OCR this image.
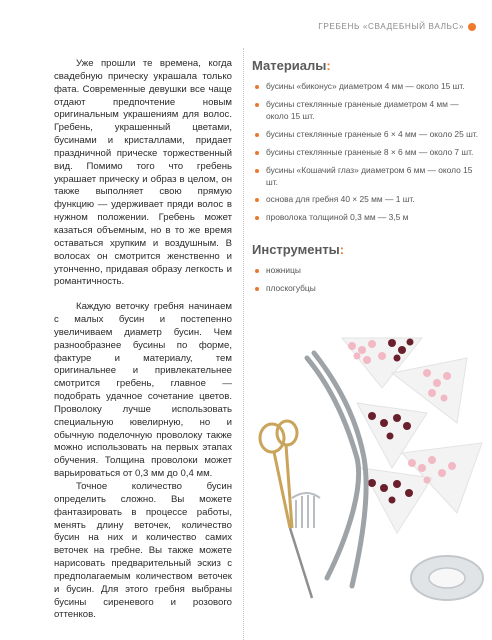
ГРЕБЕНЬ «СВАДЕБНЫЙ ВАЛЬС»

Уже прошли те времена, когда свадебную прическу украшала только фата. Современные девушки все чаще отдают предпочтение новым оригинальным украшениям для волос. Гребень, украшенный цветами, бусинами и кристаллами, придает праздничной прическе торжественный вид. Помимо того что гребень украшает прическу и образ в целом, он также выполняет свою прямую функцию — удерживает пряди волос в нужном положении. Гребень может казаться объемным, но в то же время оставаться хрупким и воздушным. В волосах он смотрится женственно и утонченно, придавая образу легкость и романтичность.

Каждую веточку гребня начинаем с малых бусин и постепенно увеличиваем диаметр бусин. Чем разнообразнее бусины по форме, фактуре и материалу, тем оригинальнее и привлекательнее смотрится гребень, главное — подобрать удачное сочетание цветов. Проволоку лучше использовать специальную ювелирную, но и обычную поделочную проволоку также можно использовать на первых этапах обучения. Толщина проволоки может варьироваться от 0,3 мм до 0,4 мм.

Точное количество бусин определить сложно. Вы можете фантазировать в процессе работы, менять длину веточек, количество бусин на них и количество самих веточек на гребне. Вы также можете нарисовать предварительный эскиз с предполагаемым количеством веточек и бусин. Для этого гребня выбраны бусины сиреневого и розового оттенков.

Материалы:
бусины «биконус» диаметром 4 мм — около 15 шт.
бусины стеклянные граненые диаметром 4 мм — около 15 шт.
бусины стеклянные граненые 6 × 4 мм — около 25 шт.
бусины стеклянные граненые 8 × 6 мм — около 7 шт.
бусины «Кошачий глаз» диаметром 6 мм — около 15 шт.
основа для гребня 40 × 25 мм — 1 шт.
проволока толщиной 0,3 мм — 3,5 м
Инструменты:
ножницы
плоскогубцы
